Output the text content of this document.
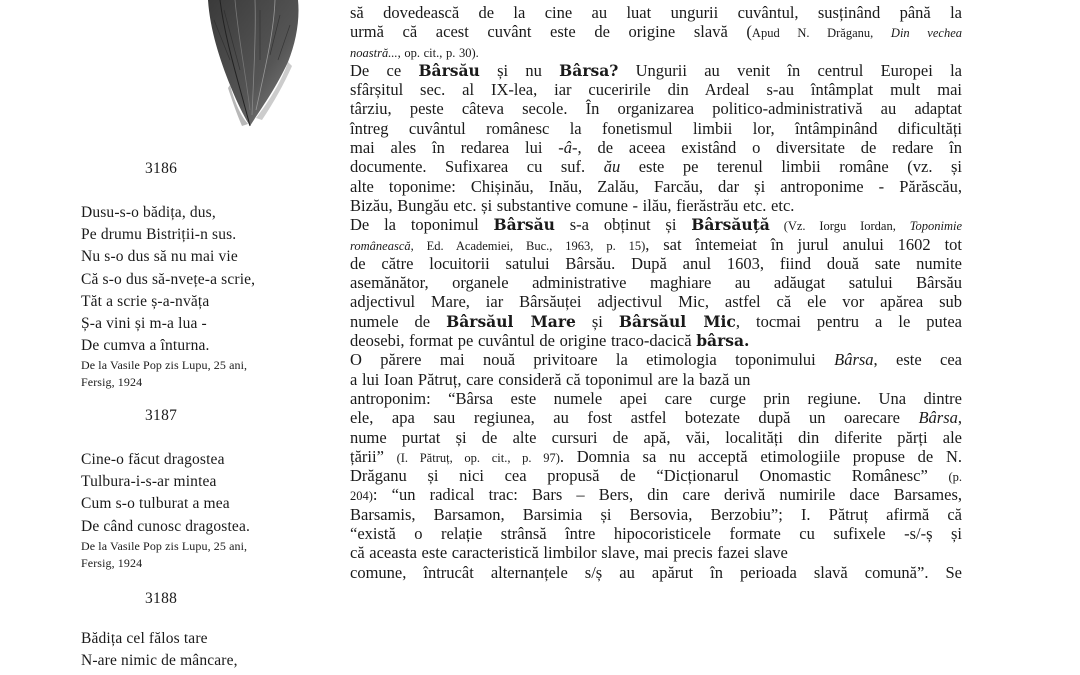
3186
Dusu-s-o bădița, dus,
Pe drumu Bistriții-n sus.
Nu s-o dus să nu mai vie
Că s-o dus să-nvețe-a scrie,
Tăt a scrie ș-a-nvăța
Ș-a vini și m-a lua -
De cumva a înturna.
De la Vasile Pop zis Lupu, 25 ani,
Fersig, 1924
3187
Cine-o făcut dragostea
Tulbura-i-s-ar mintea
Cum s-o tulburat a mea
De când cunosc dragostea.
De la Vasile Pop zis Lupu, 25 ani,
Fersig, 1924
3188
Bădița cel fălos tare
N-are nimic de mâncare,
să dovedească de la cine au luat ungurii cuvântul, susținând până la
urmă că acest cuvânt este de origine slavă (Apud N. Drăganu, Din vechea
noastră..., op. cit., p. 30).
De ce Bârsău și nu Bârsa? Ungurii au venit în centrul Europei la
sfârșitul sec. al IX-lea, iar cuceririle din Ardeal s-au întâmplat mult mai
târziu, peste câteva secole. În organizarea politico-administrativă au adaptat
întreg cuvântul românesc la fonetismul limbii lor, întâmpinând dificultăți
mai ales în redarea lui -â-, de aceea existând o diversitate de redare în
documente. Sufixarea cu suf. ău este pe terenul limbii române (vz. și
alte toponime: Chișinău, Inău, Zalău, Farcău, dar și antroponime - Părăscău,
Bizău, Bungău etc. și substantive comune - ilău, fierăstrău etc. etc.
De la toponimul Bârsău s-a obținut și Bârsăuță (Vz. Iorgu Iordan, Toponimie
românească, Ed. Academiei, Buc., 1963, p. 15), sat întemeiat în jurul anului 1602 tot
de către locuitorii satului Bârsău. După anul 1603, fiind două sate numite
asemănător, organele administrative maghiare au adăugat satului Bârsău
adjectivul Mare, iar Bârsăuței adjectivul Mic, astfel că ele vor apărea sub
numele de Bârsăul Mare și Bârsăul Mic, tocmai pentru a le putea
deosebi, format pe cuvântul de origine traco-dacică bârsa.
O părere mai nouă privitoare la etimologia toponimului Bârsa, este cea
a lui Ioan Pătruț, care consideră că toponimul are la bază un
antroponim: “Bârsa este numele apei care curge prin regiune. Una dintre
ele, apa sau regiunea, au fost astfel botezate după un oarecare Bârsa,
nume purtat și de alte cursuri de apă, văi, localități din diferite părți ale
țării” (I. Pătruț, op. cit., p. 97). Domnia sa nu acceptă etimologiile propuse de N.
Drăganu și nici cea propusă de “Dicționarul Onomastic Românesc” (p.
204): “un radical trac: Bars – Bers, din care derivă numirile dace Barsames,
Barsamis, Barsamon, Barsimia și Bersovia, Berzobiu”; I. Pătruț afirmă că
“există o relație strânsă între hipocoristicele formate cu sufixele -s/-ș și
că aceasta este caracteristică limbilor slave, mai precis fazei slave
comune, întrucât alternanțele s/ș au apărut în perioada slavă comună”. Se
